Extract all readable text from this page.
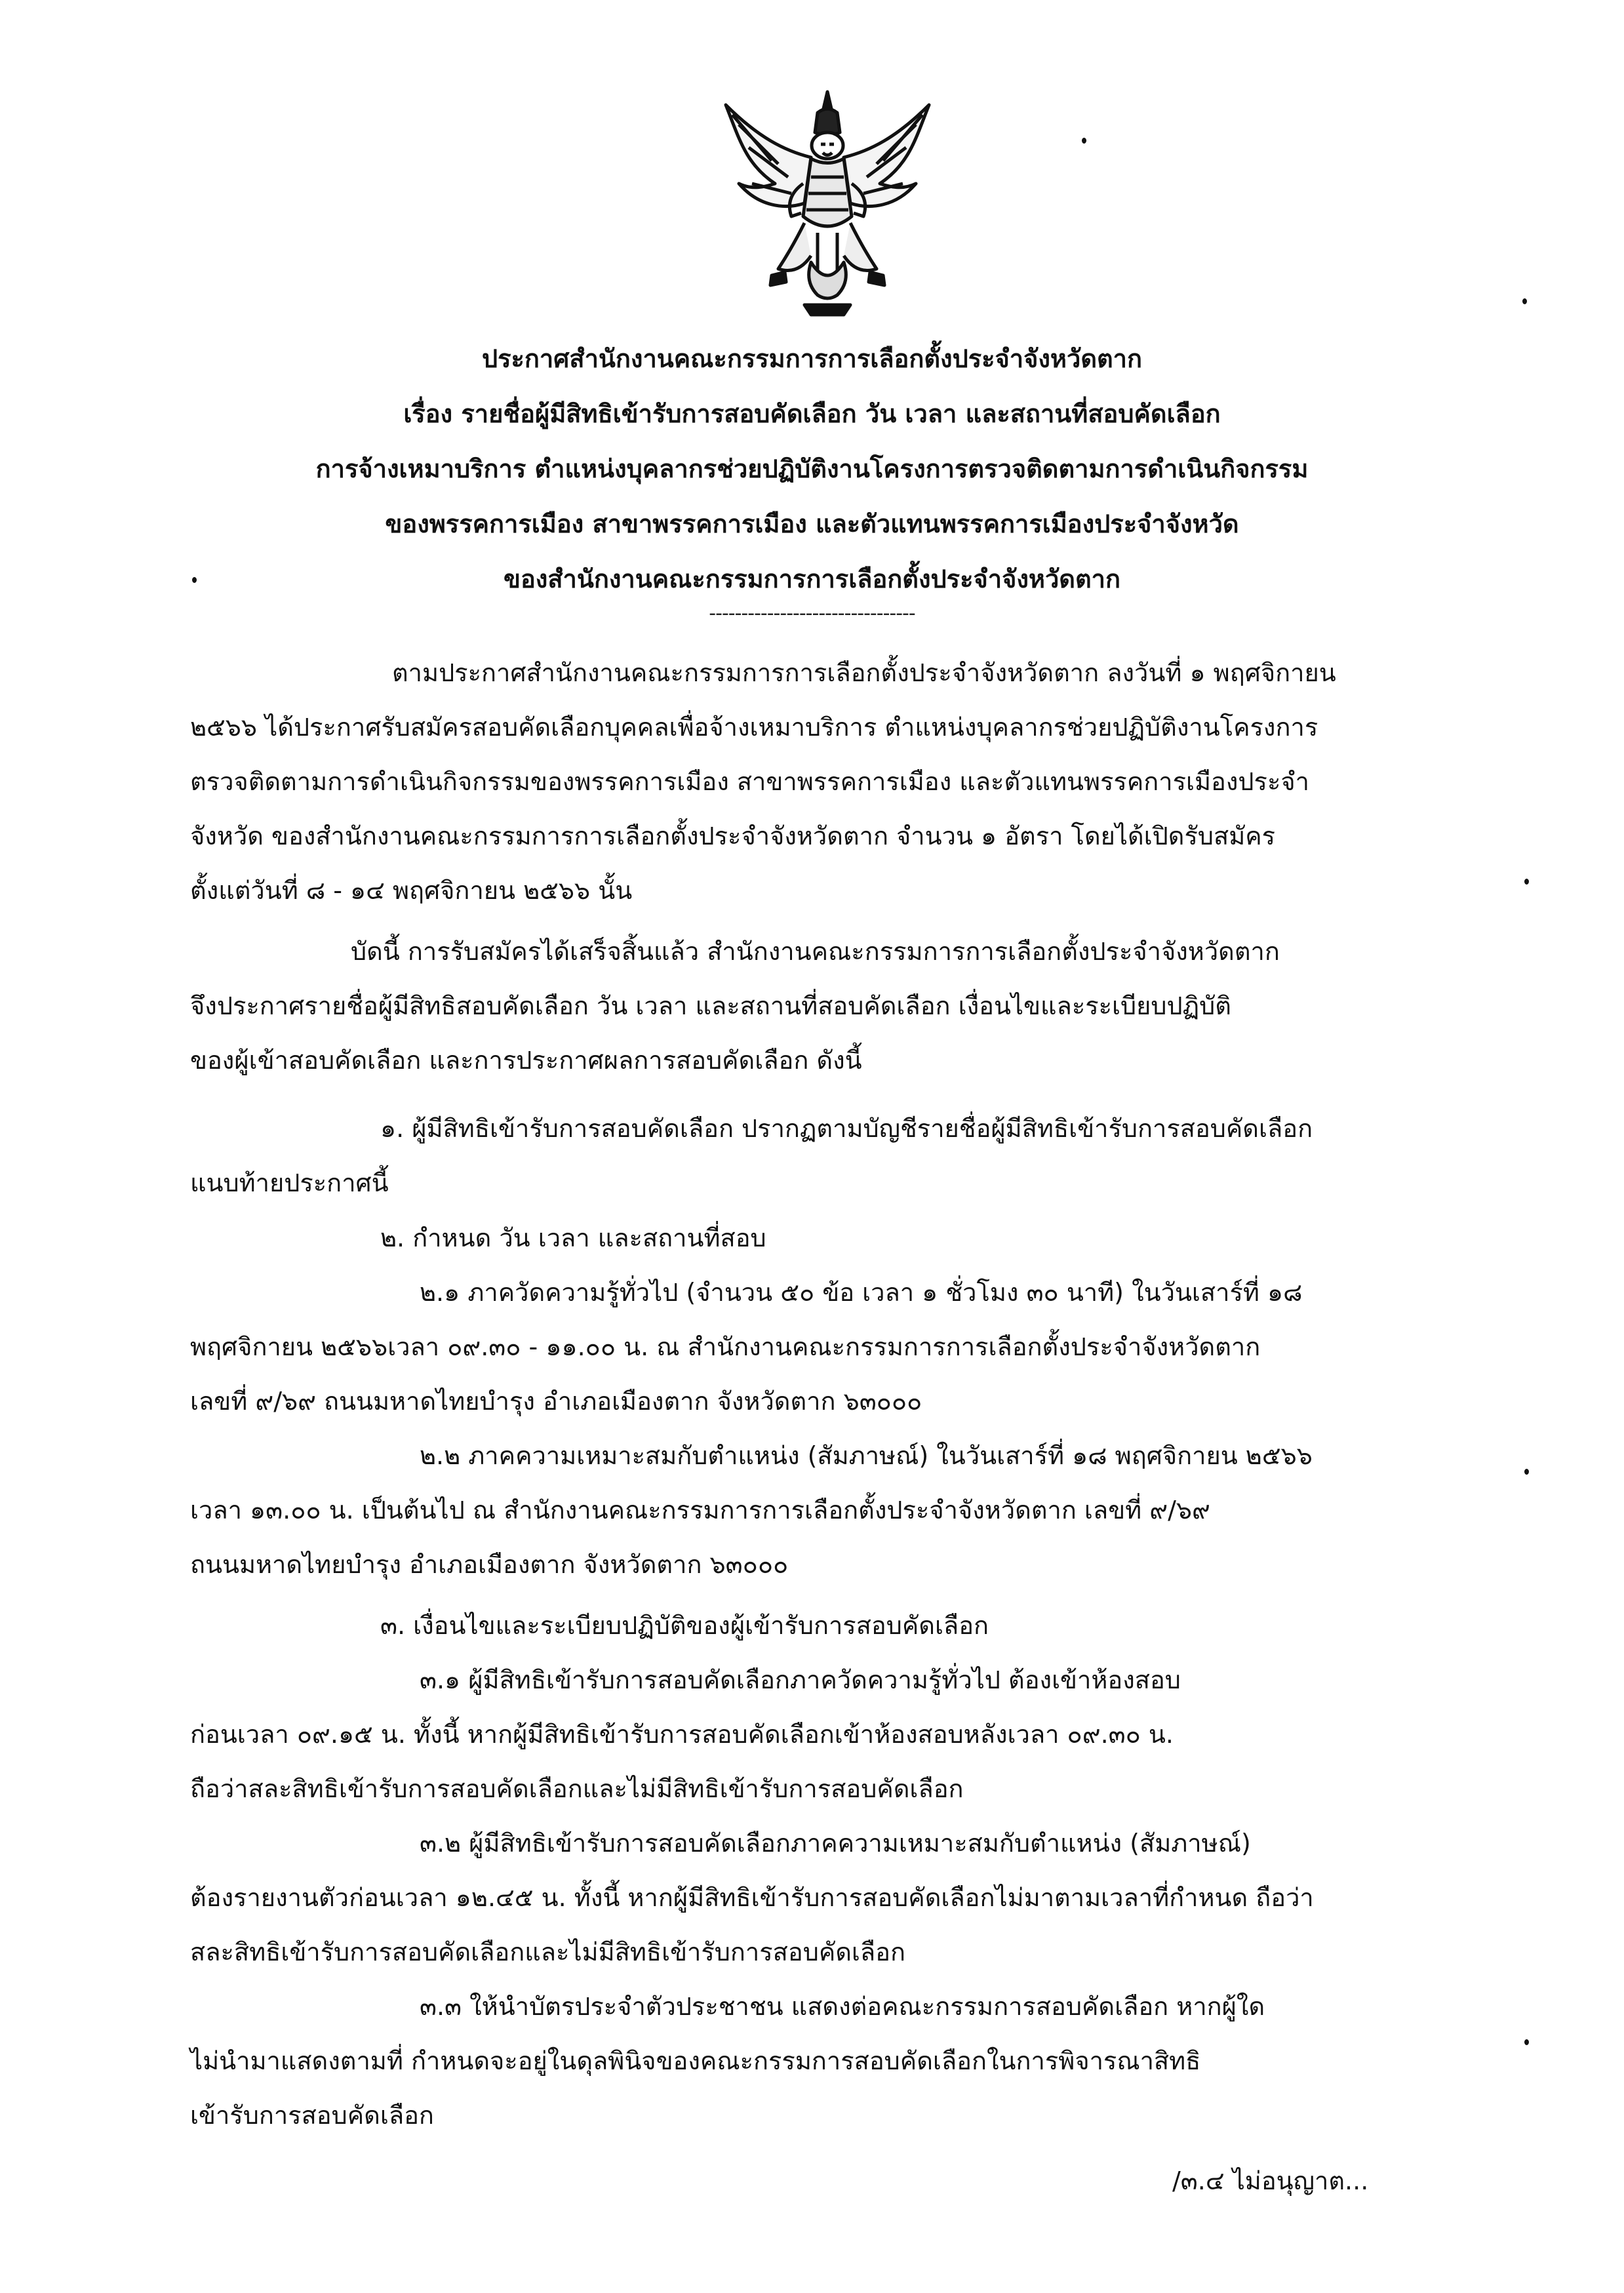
ประกาศสำนักงานคณะกรรมการการเลือกตั้งประจำจังหวัดตาก
เรื่อง รายชื่อผู้มีสิทธิเข้ารับการสอบคัดเลือก วัน เวลา และสถานที่สอบคัดเลือก
การจ้างเหมาบริการ ตำแหน่งบุคลากรช่วยปฏิบัติงานโครงการตรวจติดตามการดำเนินกิจกรรม
ของพรรคการเมือง สาขาพรรคการเมือง และตัวแทนพรรคการเมืองประจำจังหวัด
ของสำนักงานคณะกรรมการการเลือกตั้งประจำจังหวัดตาก
--------------------------------
ตามประกาศสำนักงานคณะกรรมการการเลือกตั้งประจำจังหวัดตาก ลงวันที่ ๑ พฤศจิกายน
๒๕๖๖ ได้ประกาศรับสมัครสอบคัดเลือกบุคคลเพื่อจ้างเหมาบริการ ตำแหน่งบุคลากรช่วยปฏิบัติงานโครงการ
ตรวจติดตามการดำเนินกิจกรรมของพรรคการเมือง สาขาพรรคการเมือง และตัวแทนพรรคการเมืองประจำ
จังหวัด ของสำนักงานคณะกรรมการการเลือกตั้งประจำจังหวัดตาก จำนวน ๑ อัตรา โดยได้เปิดรับสมัคร
ตั้งแต่วันที่ ๘ - ๑๔ พฤศจิกายน ๒๕๖๖ นั้น
บัดนี้ การรับสมัครได้เสร็จสิ้นแล้ว สำนักงานคณะกรรมการการเลือกตั้งประจำจังหวัดตาก
จึงประกาศรายชื่อผู้มีสิทธิสอบคัดเลือก วัน เวลา และสถานที่สอบคัดเลือก เงื่อนไขและระเบียบปฏิบัติ
ของผู้เข้าสอบคัดเลือก และการประกาศผลการสอบคัดเลือก ดังนี้
๑. ผู้มีสิทธิเข้ารับการสอบคัดเลือก ปรากฏตามบัญชีรายชื่อผู้มีสิทธิเข้ารับการสอบคัดเลือก
แนบท้ายประกาศนี้
๒. กำหนด วัน เวลา และสถานที่สอบ
๒.๑ ภาควัดความรู้ทั่วไป (จำนวน ๕๐ ข้อ เวลา ๑ ชั่วโมง ๓๐ นาที) ในวันเสาร์ที่ ๑๘
พฤศจิกายน ๒๕๖๖เวลา ๐๙.๓๐ - ๑๑.๐๐ น. ณ สำนักงานคณะกรรมการการเลือกตั้งประจำจังหวัดตาก
เลขที่ ๙/๖๙ ถนนมหาดไทยบำรุง อำเภอเมืองตาก จังหวัดตาก ๖๓๐๐๐
๒.๒ ภาคความเหมาะสมกับตำแหน่ง (สัมภาษณ์) ในวันเสาร์ที่ ๑๘ พฤศจิกายน ๒๕๖๖
เวลา ๑๓.๐๐ น. เป็นต้นไป ณ สำนักงานคณะกรรมการการเลือกตั้งประจำจังหวัดตาก เลขที่ ๙/๖๙
ถนนมหาดไทยบำรุง อำเภอเมืองตาก จังหวัดตาก ๖๓๐๐๐
๓. เงื่อนไขและระเบียบปฏิบัติของผู้เข้ารับการสอบคัดเลือก
๓.๑ ผู้มีสิทธิเข้ารับการสอบคัดเลือกภาควัดความรู้ทั่วไป ต้องเข้าห้องสอบ
ก่อนเวลา ๐๙.๑๕ น. ทั้งนี้ หากผู้มีสิทธิเข้ารับการสอบคัดเลือกเข้าห้องสอบหลังเวลา ๐๙.๓๐ น.
ถือว่าสละสิทธิเข้ารับการสอบคัดเลือกและไม่มีสิทธิเข้ารับการสอบคัดเลือก
๓.๒ ผู้มีสิทธิเข้ารับการสอบคัดเลือกภาคความเหมาะสมกับตำแหน่ง (สัมภาษณ์)
ต้องรายงานตัวก่อนเวลา ๑๒.๔๕ น. ทั้งนี้ หากผู้มีสิทธิเข้ารับการสอบคัดเลือกไม่มาตามเวลาที่กำหนด ถือว่า
สละสิทธิเข้ารับการสอบคัดเลือกและไม่มีสิทธิเข้ารับการสอบคัดเลือก
๓.๓ ให้นำบัตรประจำตัวประชาชน แสดงต่อคณะกรรมการสอบคัดเลือก หากผู้ใด
ไม่นำมาแสดงตามที่ กำหนดจะอยู่ในดุลพินิจของคณะกรรมการสอบคัดเลือกในการพิจารณาสิทธิ
เข้ารับการสอบคัดเลือก
/๓.๔ ไม่อนุญาต...
